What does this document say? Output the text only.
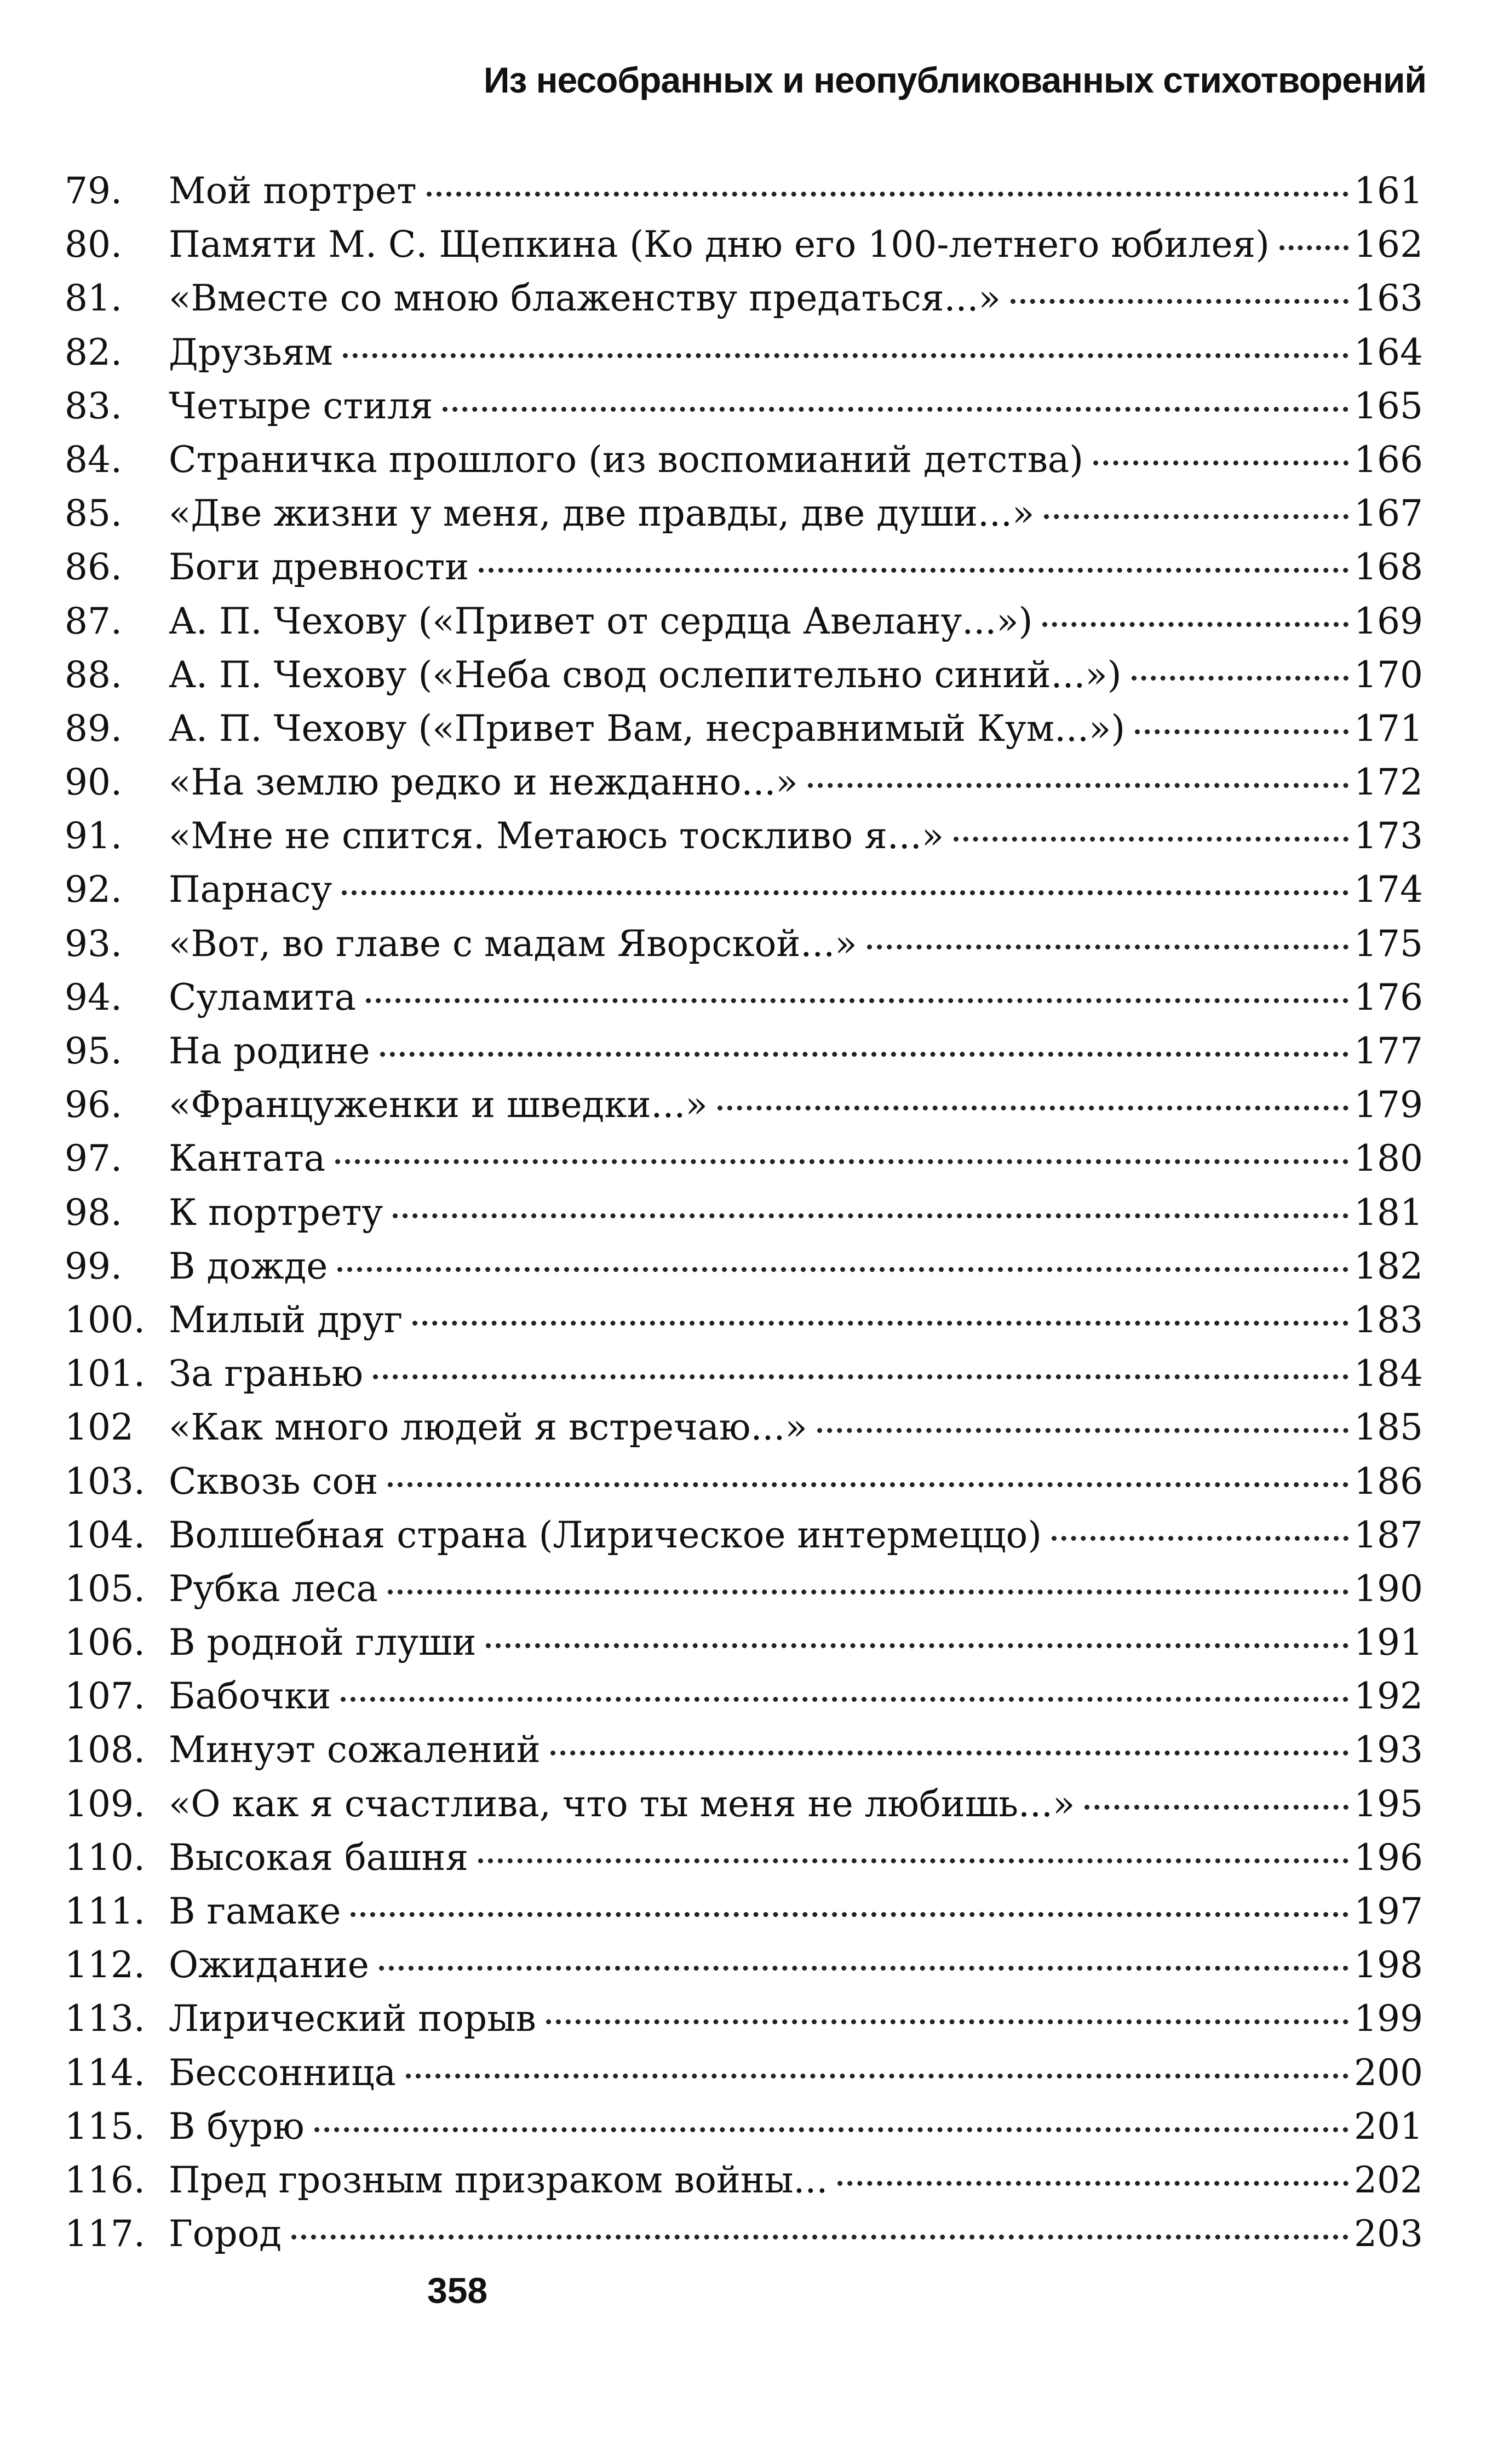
Из несобранных и неопубликованных стихотворений
79.	Мой портрет	161
80.	Памяти М. С. Щепкина (Ко дню его 100-летнего юбилея) 162
81.	«Вместе со мною блаженству предаться...»	163
82.	Друзьям	164
83.	Четыре стиля	165
84.	Страничка прошлого (из воспомианий детства)	166
85.	«Две жизни у меня, две правды, две души...»	167
86.	Боги древности	168
87.	А. П. Чехову («Привет от сердца Авелану...»)	169
88.	А. П. Чехову («Неба свод ослепительно синий...»)	170
89.	А. П. Чехову («Привет Вам, несравнимый Кум...»)	171
90.	«На землю редко и нежданно...»	172
91.	«Мне не спится. Метаюсь тоскливо я...»	173
92.	Парнасу	174
93.	«Вот, во главе с мадам Яворской...»	175
94.	Суламита	176
95.	На родине	177
96.	«Француженки и шведки...»	179
97.	Кантата	180
98.	К портрету	181
99.	В дожде	182
100. Милый друг	183
101. За гранью	184
102 «Как много людей я встречаю...»	185
103. Сквозь сон	186
104. Волшебная страна (Лирическое интермеццо)	187
105. Рубка леса	190
106. В родной глуши	191
107. Бабочки	192
108. Минуэт сожалений	193
109. «О как я счастлива, что ты меня не любишь...»	195
110. Высокая башня	196
111. В гамаке	197
112. Ожидание	198
113. Лирический порыв	199
114. Бессонница	200
115. В бурю	201
116. Пред грозным призраком войны...	202
117. Город	203
358
